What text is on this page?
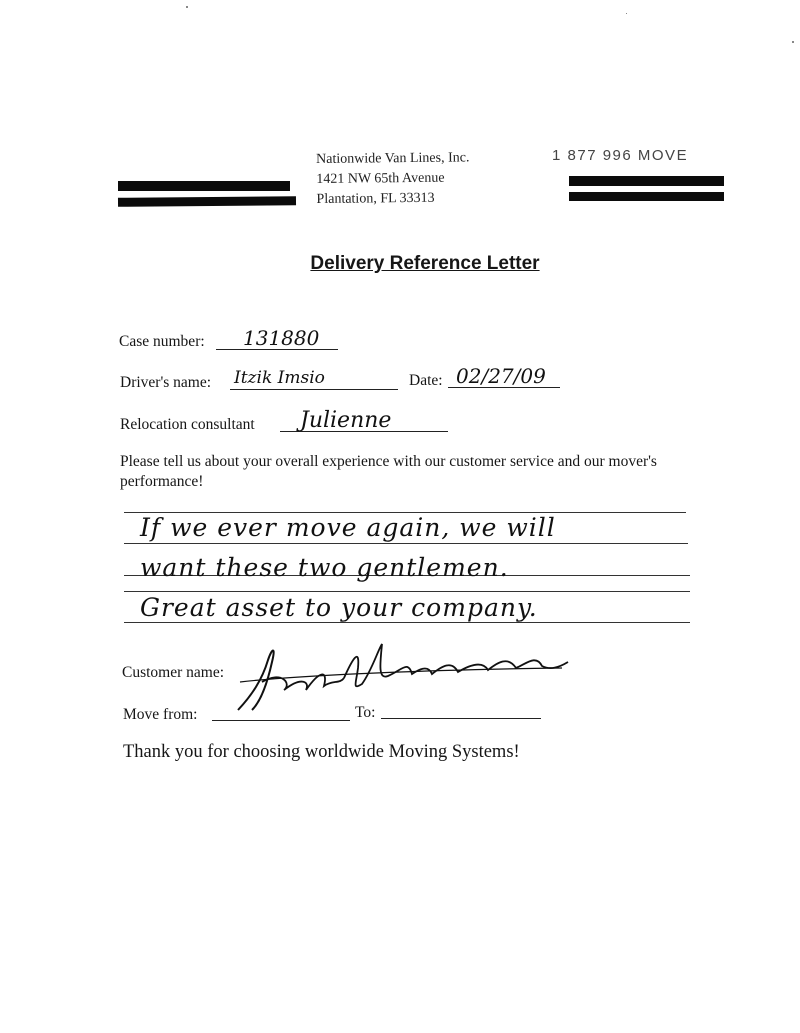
Nationwide Van Lines, Inc.
1421 NW 65th Avenue
Plantation, FL 33313
1 877 996 MOVE
Delivery Reference Letter
Case number: 131880
Driver's name: Itzik Imsio	Date: 02/27/09
Relocation consultant Julienne
Please tell us about your overall experience with our customer service and our mover's performance!
If we ever move again, we will
want these two gentlemen.
Great asset to your company.
Customer name:
Move from:	To:
Thank you for choosing worldwide Moving Systems!
